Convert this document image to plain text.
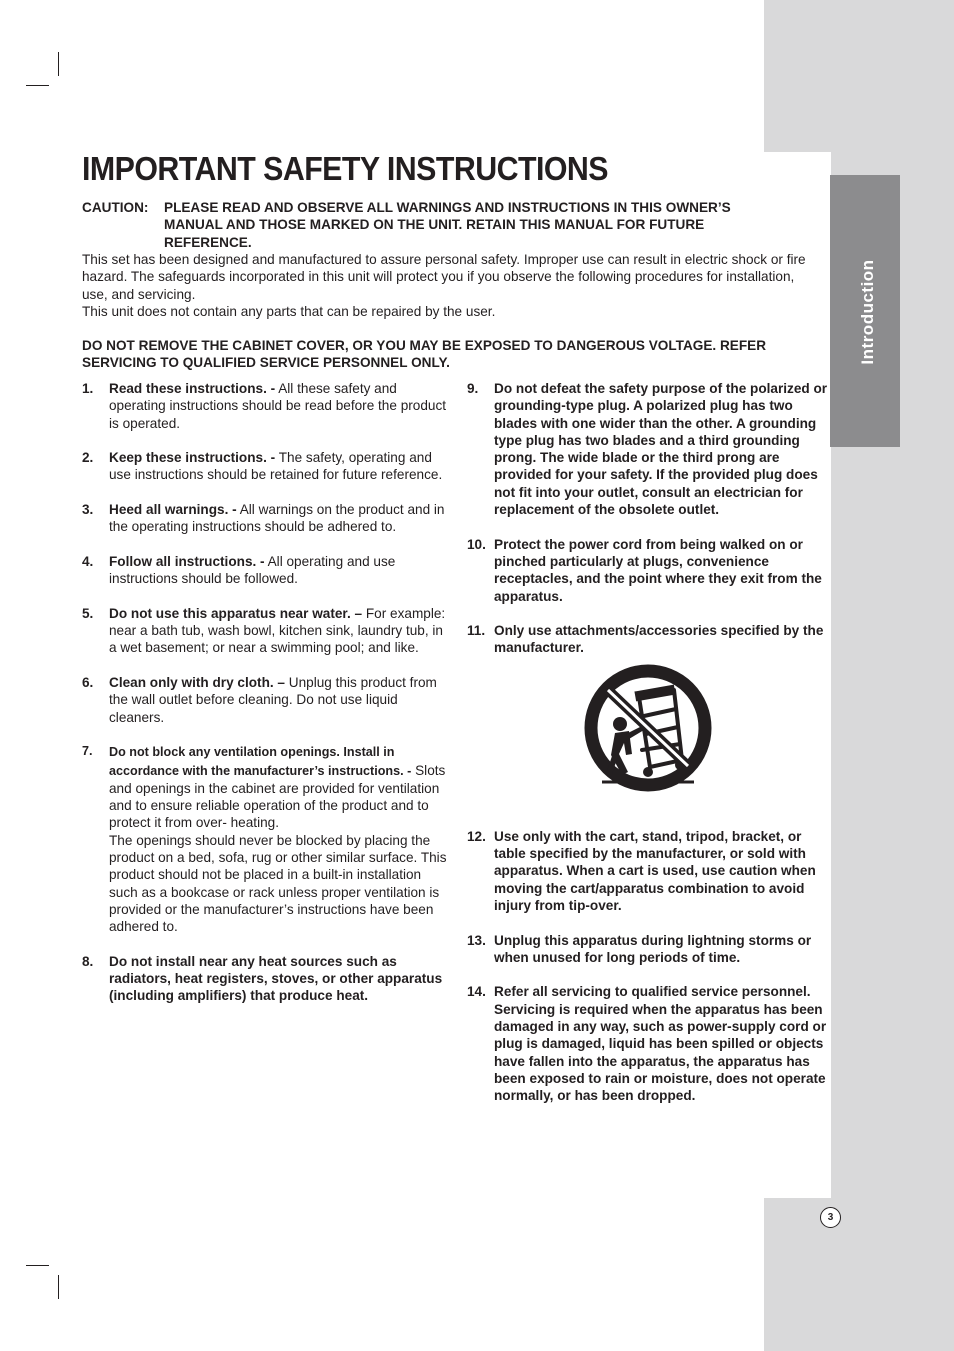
Introduction
3
IMPORTANT SAFETY INSTRUCTIONS
CAUTION: PLEASE READ AND OBSERVE ALL WARNINGS AND INSTRUCTIONS IN THIS OWNER’S MANUAL AND THOSE MARKED ON THE UNIT. RETAIN THIS MANUAL FOR FUTURE REFERENCE.

This set has been designed and manufactured to assure personal safety. Improper use can result in electric shock or fire hazard. The safeguards incorporated in this unit will protect you if you observe the following procedures for installation, use, and servicing.

This unit does not contain any parts that can be repaired by the user.

DO NOT REMOVE THE CABINET COVER, OR YOU MAY BE EXPOSED TO DANGEROUS VOLTAGE. REFER SERVICING TO QUALIFIED SERVICE PERSONNEL ONLY.
1. Read these instructions. - All these safety and operating instructions should be read before the product is operated.

2. Keep these instructions. - The safety, operating and use instructions should be retained for future reference.

3. Heed all warnings. - All warnings on the product and in the operating instructions should be adhered to.

4. Follow all instructions. - All operating and use instructions should be followed.

5. Do not use this apparatus near water. – For example: near a bath tub, wash bowl, kitchen sink, laundry tub, in a wet basement; or near a swimming pool; and like.

6. Clean only with dry cloth. – Unplug this product from the wall outlet before cleaning. Do not use liquid cleaners.

7. Do not block any ventilation openings. Install in accordance with the manufacturer’s instructions. - Slots and openings in the cabinet are provided for ventilation and to ensure reliable operation of the product and to protect it from over- heating.

The openings should never be blocked by placing the product on a bed, sofa, rug or other similar surface. This product should not be placed in a built-in installation such as a bookcase or rack unless proper ventilation is provided or the manufacturer’s instructions have been adhered to.

8. Do not install near any heat sources such as radiators, heat registers, stoves, or other apparatus (including amplifiers) that produce heat.

9. Do not defeat the safety purpose of the polarized or grounding-type plug. A polarized plug has two blades with one wider than the other. A grounding type plug has two blades and a third grounding prong. The wide blade or the third prong are     provided for your safety. If the provided plug does not fit into your outlet, consult an electrician for replacement of the obsolete outlet.

10. Protect the power cord from being walked on or pinched particularly at plugs, convenience receptacles, and the point where they exit from the apparatus.

11. Only use attachments/accessories specified by the manufacturer.

12. Use only with the cart, stand, tripod, bracket, or table specified by the manufacturer, or sold with apparatus. When a cart is used, use caution when moving the cart/apparatus combination to avoid injury from tip-over.

13. Unplug this apparatus during lightning storms or when unused for long periods of time.

14. Refer all servicing to qualified service personnel. Servicing is required when the apparatus has been damaged in any way, such as power-supply cord or plug is damaged, liquid has been spilled or objects have fallen into the apparatus, the apparatus has been exposed to rain or moisture, does not operate normally, or has been dropped.
